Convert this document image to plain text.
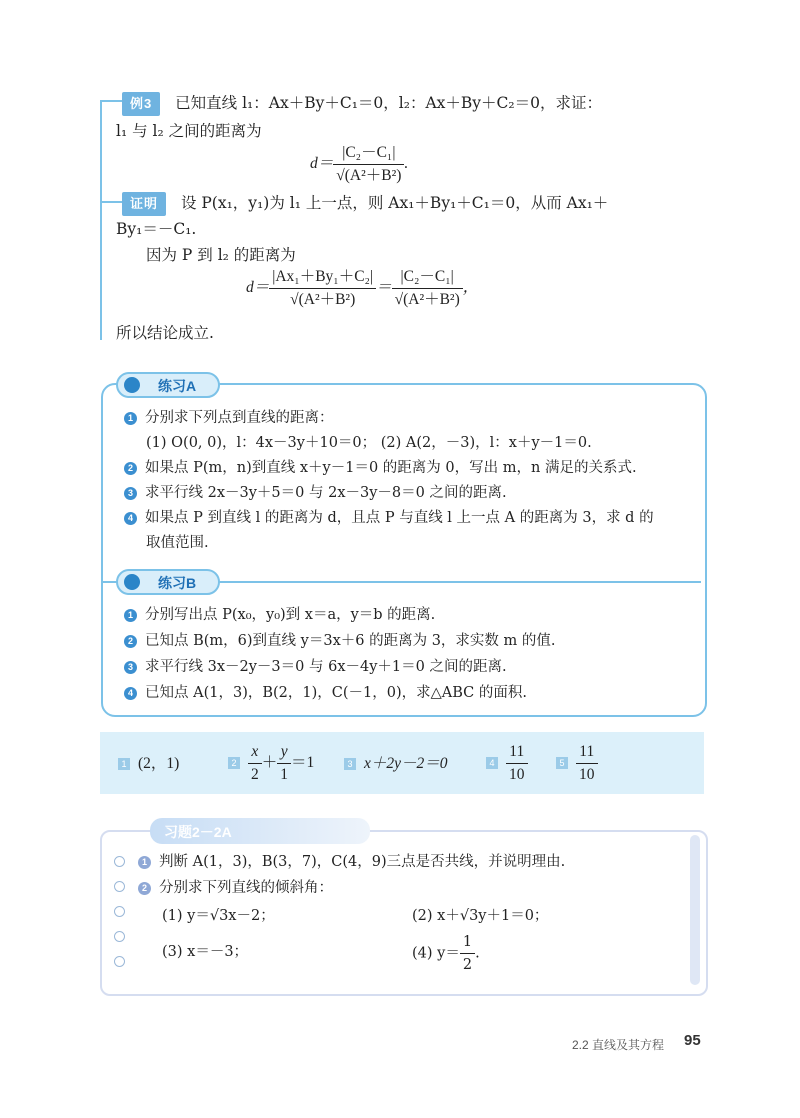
例3 已知直线 l₁：Ax＋By＋C₁＝0，l₂：Ax＋By＋C₂＝0，求证：
l₁ 与 l₂ 之间的距离为
$d= \frac{\text{|C₂－C₁|}}{\text{√(A²＋B²)}}$ .
证明 设 P(x₁，y₁)为 l₁ 上一点，则 Ax₁＋By₁＋C₁＝0，从而 Ax₁＋
By₁＝－C₁.
因为 P 到 l₂ 的距离为
$d= \frac{\text{|Ax₁＋By₁＋C₂|}}{\text{√(A²＋B²)}} = \frac{\text{|C₂－C₁|}}{\text{√(A²＋B²)}}$ ，
所以结论成立.
练习A
1 分别求下列点到直线的距离：
(1) O(0, 0)，l：4x－3y＋10＝0； (2) A(2，－3)，l：x＋y－1＝0.
2 如果点 P(m，n)到直线 x＋y－1＝0 的距离为 0，写出 m，n 满足的关系式.
3 求平行线 2x－3y＋5＝0 与 2x－3y－8＝0 之间的距离.
4 如果点 P 到直线 l 的距离为 d，且点 P 与直线 l 上一点 A 的距离为 3，求 d 的
取值范围.
练习B
1 分别写出点 P(x₀，y₀)到 x＝a，y＝b 的距离.
2 已知点 B(m，6)到直线 y＝3x＋6 的距离为 3，求实数 m 的值.
3 求平行线 3x－2y－3＝0 与 6x－4y＋1＝0 之间的距离.
4 已知点 A(1，3)，B(2，1)，C(－1，0)，求△ABC 的面积.
1 (2，1)	$2 \frac{x}{2} + \frac{y}{1} =1$	3 x＋2y－2＝0	$4 \frac{11}{10}$	$5 \frac{11}{10}$
习题2－2A
1 判断 A(1，3)，B(3，7)，C(4，9)三点是否共线，并说明理由.
2 分别求下列直线的倾斜角：
(1) y＝√3x－2；	(2) x＋√3y＋1＝0；
(3) x＝－3；	(4) $y= \frac{1}{2}$ .
2.2 直线及其方程 95
